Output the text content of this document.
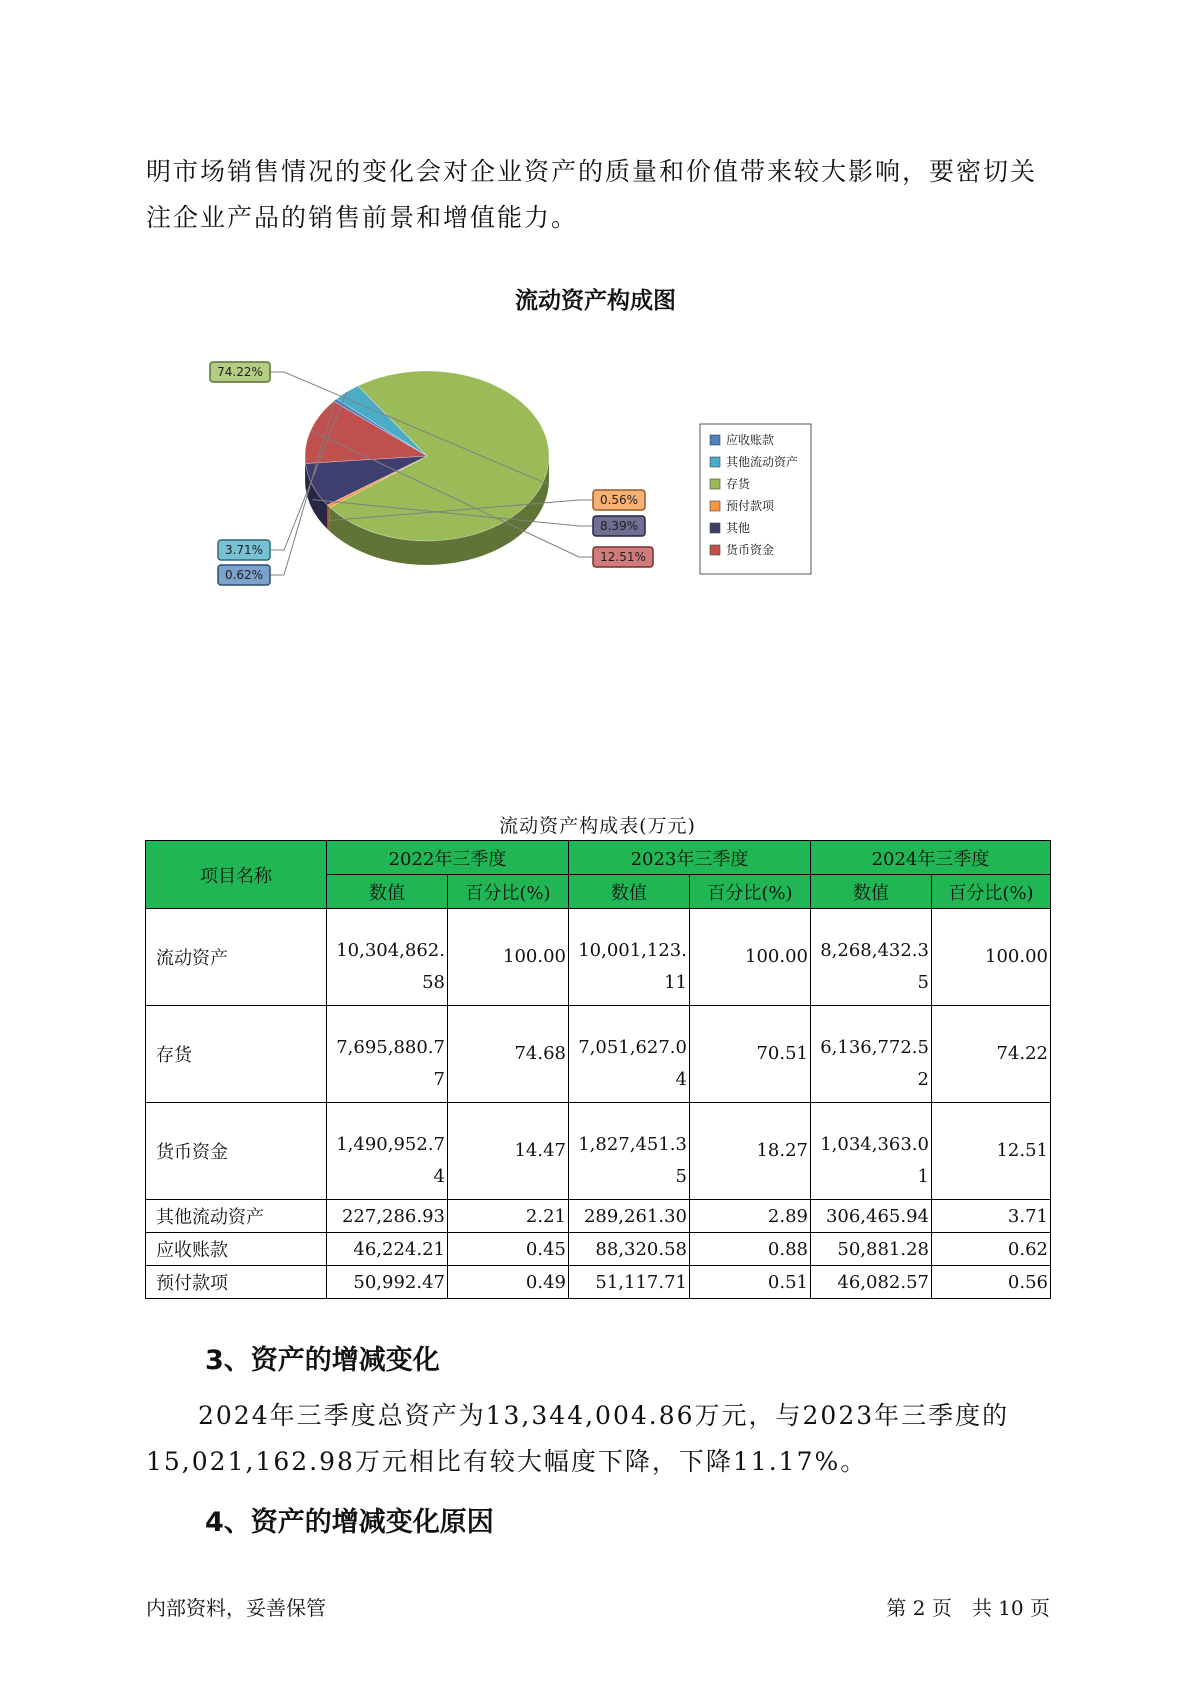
明市场销售情况的变化会对企业资产的质量和价值带来较大影响，要密切关注企业产品的销售前景和增值能力。

流动资产构成图
0.62%
3.71%
74.22%
0.56%
8.39%
12.51%
应收账款
其他流动资产
存货
预付款项
其他
货币资金
流动资产构成表(万元)
项目名称	2022年三季度		2023年三季度		2024年三季度	
	数值	百分比(%)	数值	百分比(%)	数值	百分比(%)
流动资产	10,304,862.58	100.00	10,001,123.11	100.00	8,268,432.35	100.00
存货	7,695,880.77	74.68	7,051,627.04	70.51	6,136,772.52	74.22
货币资金	1,490,952.74	14.47	1,827,451.35	18.27	1,034,363.01	12.51
其他流动资产	227,286.93	2.21	289,261.30	2.89	306,465.94	3.71
应收账款	46,224.21	0.45	88,320.58	0.88	50,881.28	0.62
预付款项	50,992.47	0.49	51,117.71	0.51	46,082.57	0.56
3、资产的增减变化

2024年三季度总资产为13,344,004.86万元，与2023年三季度的15,021,162.98万元相比有较大幅度下降，下降11.17%。

4、资产的增减变化原因
内部资料，妥善保管	第 2 页　共 10 页
